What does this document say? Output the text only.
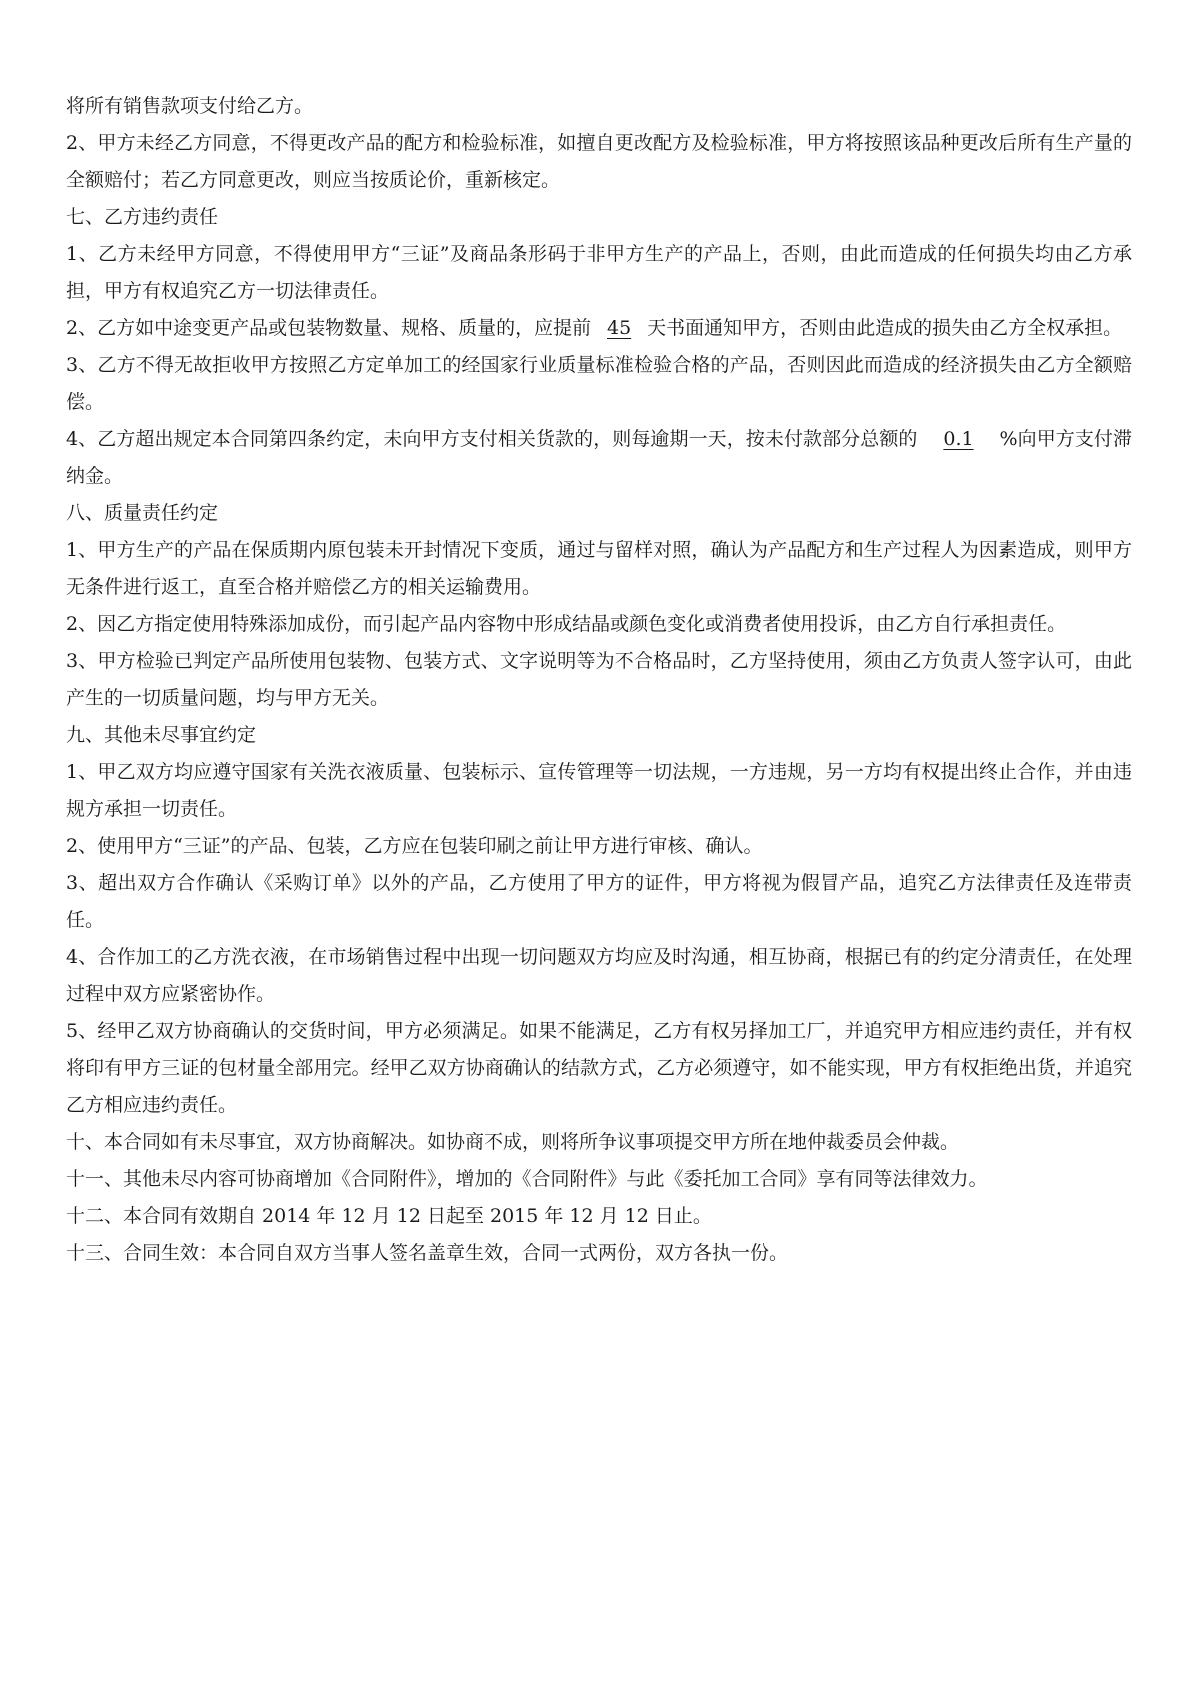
将所有销售款项支付给乙方。

2、甲方未经乙方同意，不得更改产品的配方和检验标准，如擅自更改配方及检验标准，甲方将按照该品种更改后所有生产量的全额赔付；若乙方同意更改，则应当按质论价，重新核定。

七、乙方违约责任

1、乙方未经甲方同意，不得使用甲方“三证”及商品条形码于非甲方生产的产品上，否则，由此而造成的任何损失均由乙方承担，甲方有权追究乙方一切法律责任。

2、乙方如中途变更产品或包装物数量、规格、质量的，应提前 45 天书面通知甲方，否则由此造成的损失由乙方全权承担。

3、乙方不得无故拒收甲方按照乙方定单加工的经国家行业质量标准检验合格的产品，否则因此而造成的经济损失由乙方全额赔偿。

4、乙方超出规定本合同第四条约定，未向甲方支付相关货款的，则每逾期一天，按未付款部分总额的 0.1 %向甲方支付滞纳金。

八、质量责任约定

1、甲方生产的产品在保质期内原包装未开封情况下变质，通过与留样对照，确认为产品配方和生产过程人为因素造成，则甲方无条件进行返工，直至合格并赔偿乙方的相关运输费用。

2、因乙方指定使用特殊添加成份，而引起产品内容物中形成结晶或颜色变化或消费者使用投诉，由乙方自行承担责任。

3、甲方检验已判定产品所使用包装物、包装方式、文字说明等为不合格品时，乙方坚持使用，须由乙方负责人签字认可，由此产生的一切质量问题，均与甲方无关。

九、其他未尽事宜约定

1、甲乙双方均应遵守国家有关洗衣液质量、包装标示、宣传管理等一切法规，一方违规，另一方均有权提出终止合作，并由违规方承担一切责任。

2、使用甲方“三证”的产品、包装，乙方应在包装印刷之前让甲方进行审核、确认。

3、超出双方合作确认《采购订单》以外的产品，乙方使用了甲方的证件，甲方将视为假冒产品，追究乙方法律责任及连带责任。

4、合作加工的乙方洗衣液，在市场销售过程中出现一切问题双方均应及时沟通，相互协商，根据已有的约定分清责任，在处理过程中双方应紧密协作。

5、经甲乙双方协商确认的交货时间，甲方必须满足。如果不能满足，乙方有权另择加工厂，并追究甲方相应违约责任，并有权将印有甲方三证的包材量全部用完。经甲乙双方协商确认的结款方式，乙方必须遵守，如不能实现，甲方有权拒绝出货，并追究乙方相应违约责任。

十、本合同如有未尽事宜，双方协商解决。如协商不成，则将所争议事项提交甲方所在地仲裁委员会仲裁。

十一、其他未尽内容可协商增加《合同附件》，增加的《合同附件》与此《委托加工合同》享有同等法律效力。

十二、本合同有效期自 2014 年 12 月 12 日起至 2015 年 12 月 12 日止。

十三、合同生效：本合同自双方当事人签名盖章生效，合同一式两份，双方各执一份。
